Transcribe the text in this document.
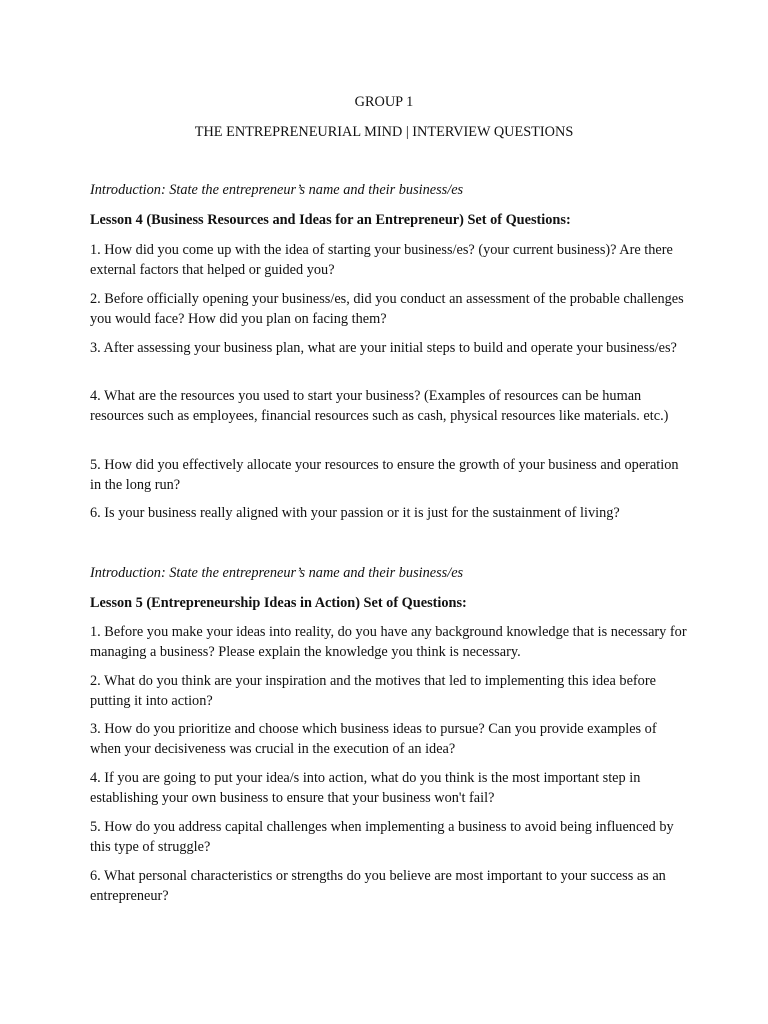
GROUP 1

THE ENTREPRENEURIAL MIND | INTERVIEW QUESTIONS

Introduction: State the entrepreneur’s name and their business/es

Lesson 4 (Business Resources and Ideas for an Entrepreneur) Set of Questions:

1. How did you come up with the idea of starting your business/es? (your current business)? Are there external factors that helped or guided you?

2. Before officially opening your business/es, did you conduct an assessment of the probable challenges you would face? How did you plan on facing them?

3. After assessing your business plan, what are your initial steps to build and operate your business/es?

4. What are the resources you used to start your business? (Examples of resources can be human resources such as employees, financial resources such as cash, physical resources like materials. etc.)

5. How did you effectively allocate your resources to ensure the growth of your business and operation in the long run?

6. Is your business really aligned with your passion or it is just for the sustainment of living?

Introduction: State the entrepreneur’s name and their business/es

Lesson 5 (Entrepreneurship Ideas in Action) Set of Questions:

1. Before you make your ideas into reality, do you have any background knowledge that is necessary for managing a business? Please explain the knowledge you think is necessary.

2. What do you think are your inspiration and the motives that led to implementing this idea before putting it into action?

3. How do you prioritize and choose which business ideas to pursue? Can you provide examples of when your decisiveness was crucial in the execution of an idea?

4. If you are going to put your idea/s into action, what do you think is the most important step in establishing your own business to ensure that your business won't fail?

5. How do you address capital challenges when implementing a business to avoid being influenced by this type of struggle?

6. What personal characteristics or strengths do you believe are most important to your success as an entrepreneur?
